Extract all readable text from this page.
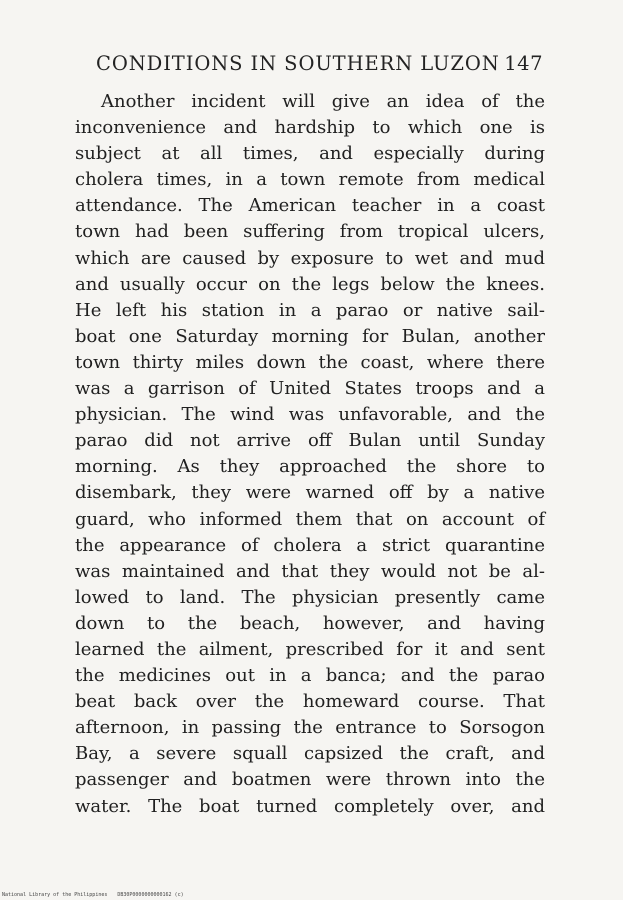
CONDITIONS IN SOUTHERN LUZON 147
Another incident will give an idea of the
inconvenience and hardship to which one is
subject at all times, and especially during
cholera times, in a town remote from medical
attendance. The American teacher in a coast
town had been suffering from tropical ulcers,
which are caused by exposure to wet and mud
and usually occur on the legs below the knees.
He left his station in a parao or native sail-
boat one Saturday morning for Bulan, another
town thirty miles down the coast, where there
was a garrison of United States troops and a
physician. The wind was unfavorable, and the
parao did not arrive off Bulan until Sunday
morning. As they approached the shore to
disembark, they were warned off by a native
guard, who informed them that on account of
the appearance of cholera a strict quarantine
was maintained and that they would not be al-
lowed to land. The physician presently came
down to the beach, however, and having
learned the ailment, prescribed for it and sent
the medicines out in a banca; and the parao
beat back over the homeward course. That
afternoon, in passing the entrance to Sorsogon
Bay, a severe squall capsized the craft, and
passenger and boatmen were thrown into the
water. The boat turned completely over, and
National Library of the Philippines DB30P0000000000162 (c)
